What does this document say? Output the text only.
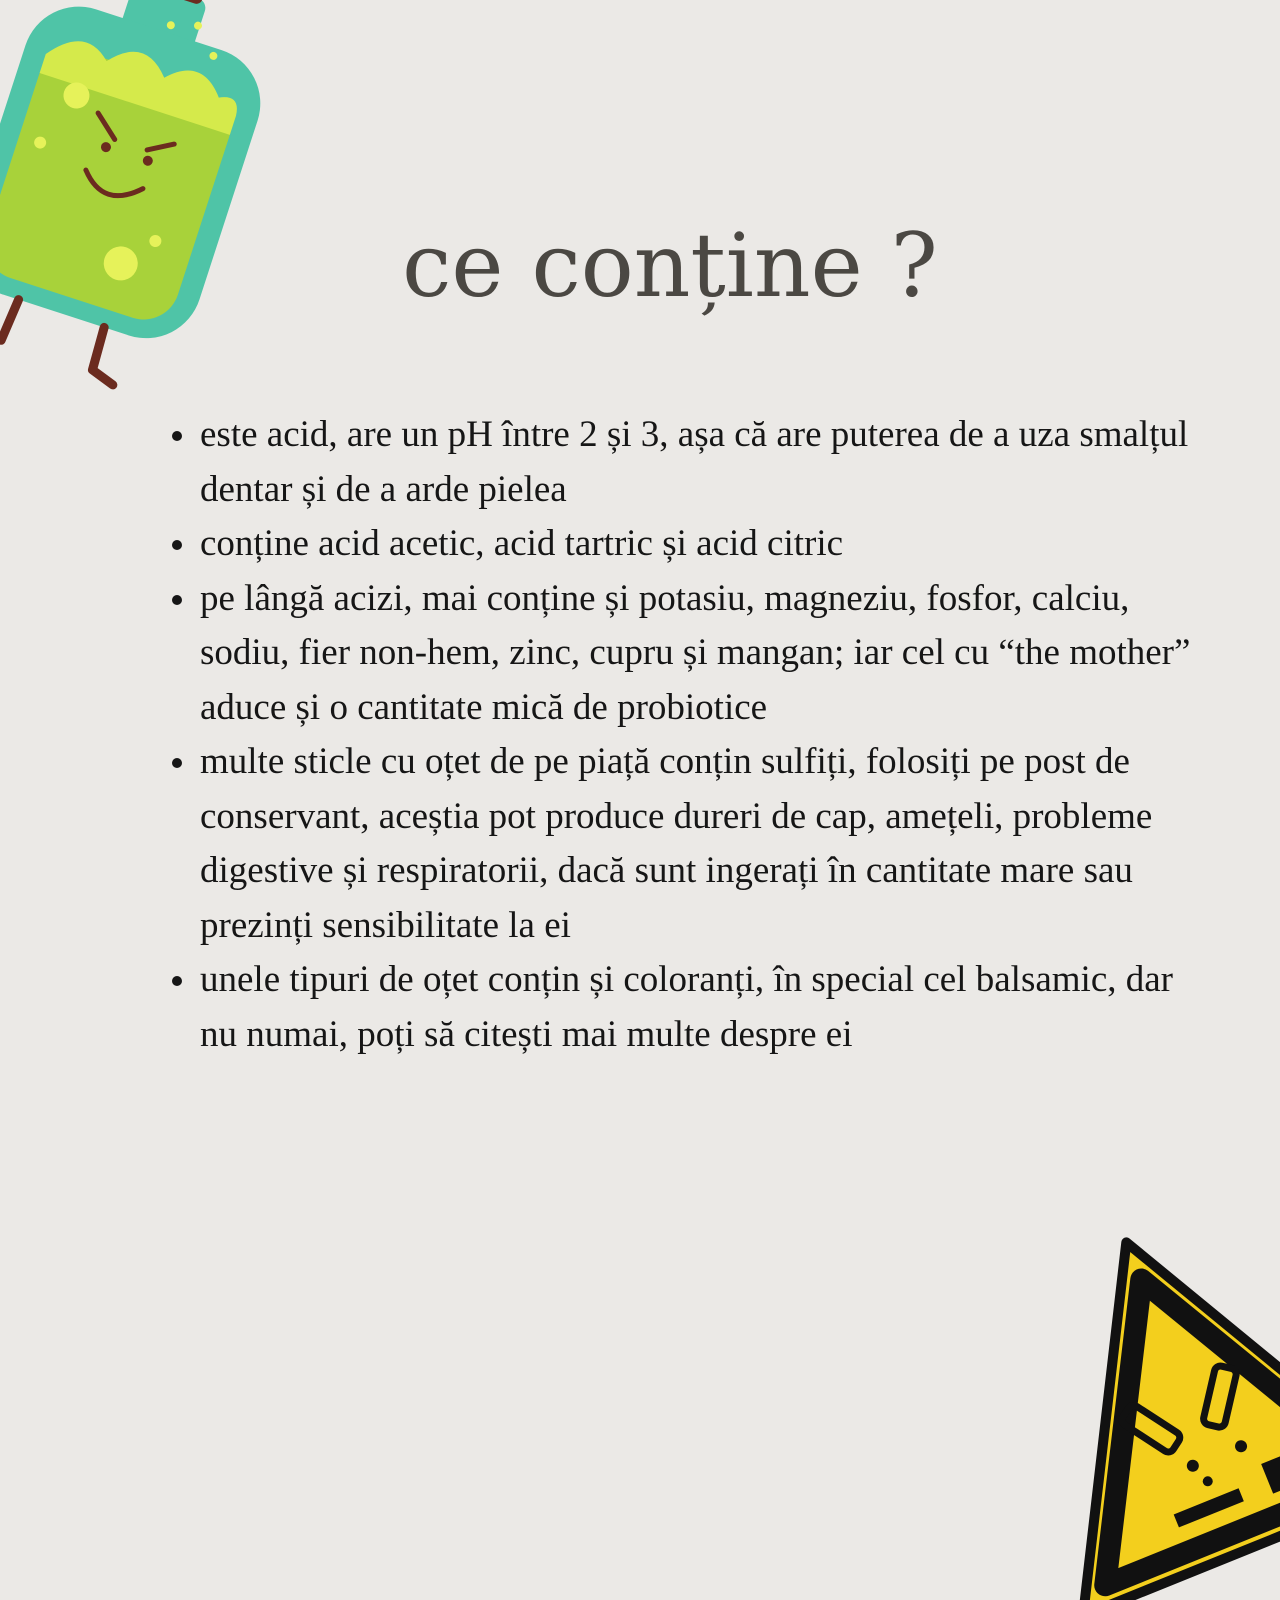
ce conține ?
este acid, are un pH între 2 și 3, așa că are puterea de a uza smalțul dentar și de a arde pielea
conține acid acetic, acid tartric și acid citric
pe lângă acizi, mai conține și potasiu, magneziu, fosfor, calciu, sodiu, fier non-hem, zinc, cupru și mangan; iar cel cu “the mother” aduce și o cantitate mică de probiotice
multe sticle cu oțet de pe piață conțin sulfiți, folosiți pe post de conservant, aceștia pot produce dureri de cap, amețeli, probleme digestive și respiratorii, dacă sunt ingerați în cantitate mare sau prezinți sensibilitate la ei
unele tipuri de oțet conțin și coloranți, în special cel balsamic, dar nu numai, poți să citești mai multe despre ei
